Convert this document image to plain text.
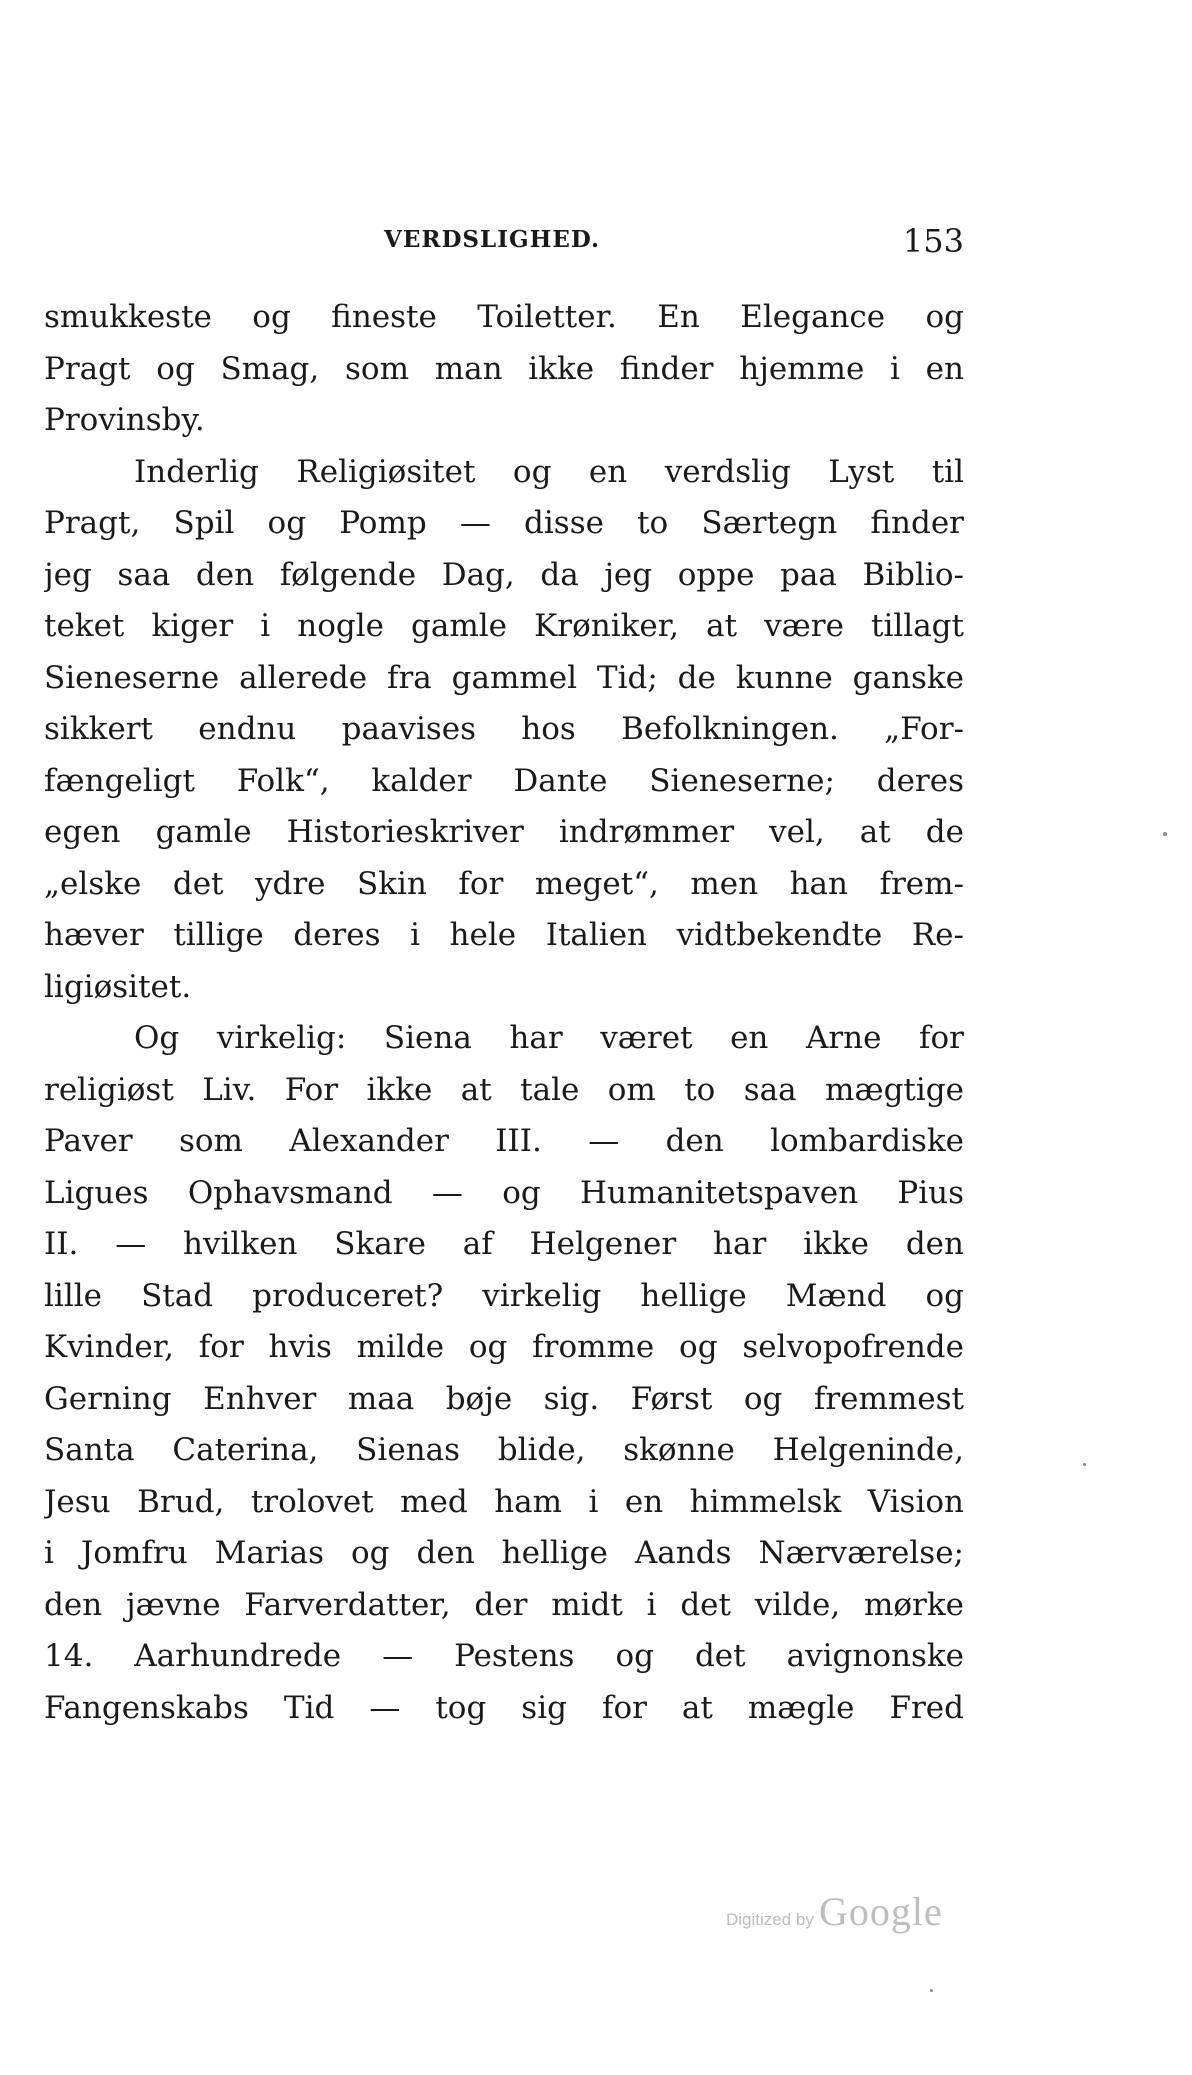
VERDSLIGHED.	153
smukkeste og fineste Toiletter. En Elegance og
Pragt og Smag, som man ikke finder hjemme i en
Provinsby.
Inderlig Religiøsitet og en verdslig Lyst til
Pragt, Spil og Pomp — disse to Særtegn finder
jeg saa den følgende Dag, da jeg oppe paa Biblio-
teket kiger i nogle gamle Krøniker, at være tillagt
Sieneserne allerede fra gammel Tid; de kunne ganske
sikkert endnu paavises hos Befolkningen. „For-
fængeligt Folk“, kalder Dante Sieneserne; deres
egen gamle Historieskriver indrømmer vel, at de
„elske det ydre Skin for meget“, men han frem-
hæver tillige deres i hele Italien vidtbekendte Re-
ligiøsitet.
Og virkelig: Siena har været en Arne for
religiøst Liv. For ikke at tale om to saa mægtige
Paver som Alexander III. — den lombardiske
Ligues Ophavsmand — og Humanitetspaven Pius
II. — hvilken Skare af Helgener har ikke den
lille Stad produceret? virkelig hellige Mænd og
Kvinder, for hvis milde og fromme og selvopofrende
Gerning Enhver maa bøje sig. Først og fremmest
Santa Caterina, Sienas blide, skønne Helgeninde,
Jesu Brud, trolovet med ham i en himmelsk Vision
i Jomfru Marias og den hellige Aands Nærværelse;
den jævne Farverdatter, der midt i det vilde, mørke
14. Aarhundrede — Pestens og det avignonske
Fangenskabs Tid — tog sig for at mægle Fred
Digitized by Google
